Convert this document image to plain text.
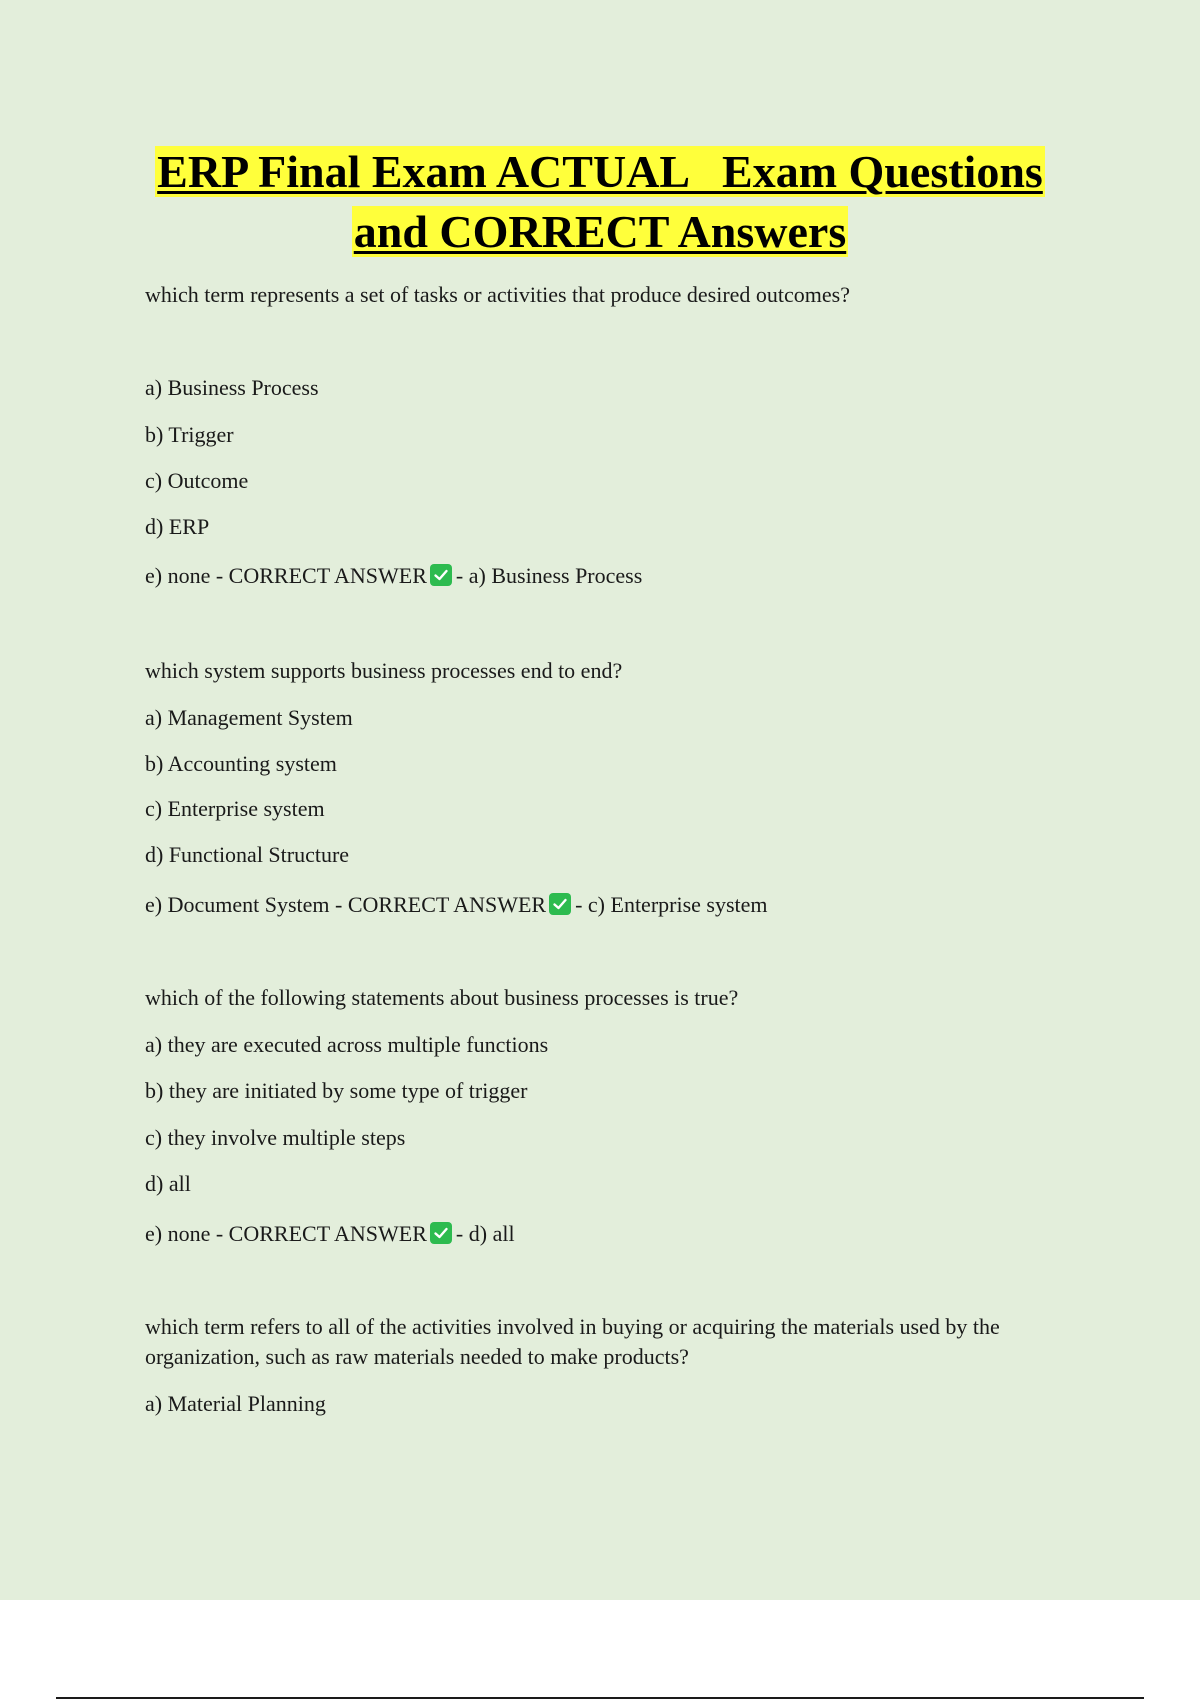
ERP Final Exam ACTUAL   Exam Questions
and CORRECT Answers
which term represents a set of tasks or activities that produce desired outcomes?
a) Business Process
b) Trigger
c) Outcome
d) ERP
e) none - CORRECT ANSWER - a) Business Process
which system supports business processes end to end?
a) Management System
b) Accounting system
c) Enterprise system
d) Functional Structure
e) Document System - CORRECT ANSWER - c) Enterprise system
which of the following statements about business processes is true?
a) they are executed across multiple functions
b) they are initiated by some type of trigger
c) they involve multiple steps
d) all
e) none - CORRECT ANSWER - d) all
which term refers to all of the activities involved in buying or acquiring the materials used by the organization, such as raw materials needed to make products?
a) Material Planning
